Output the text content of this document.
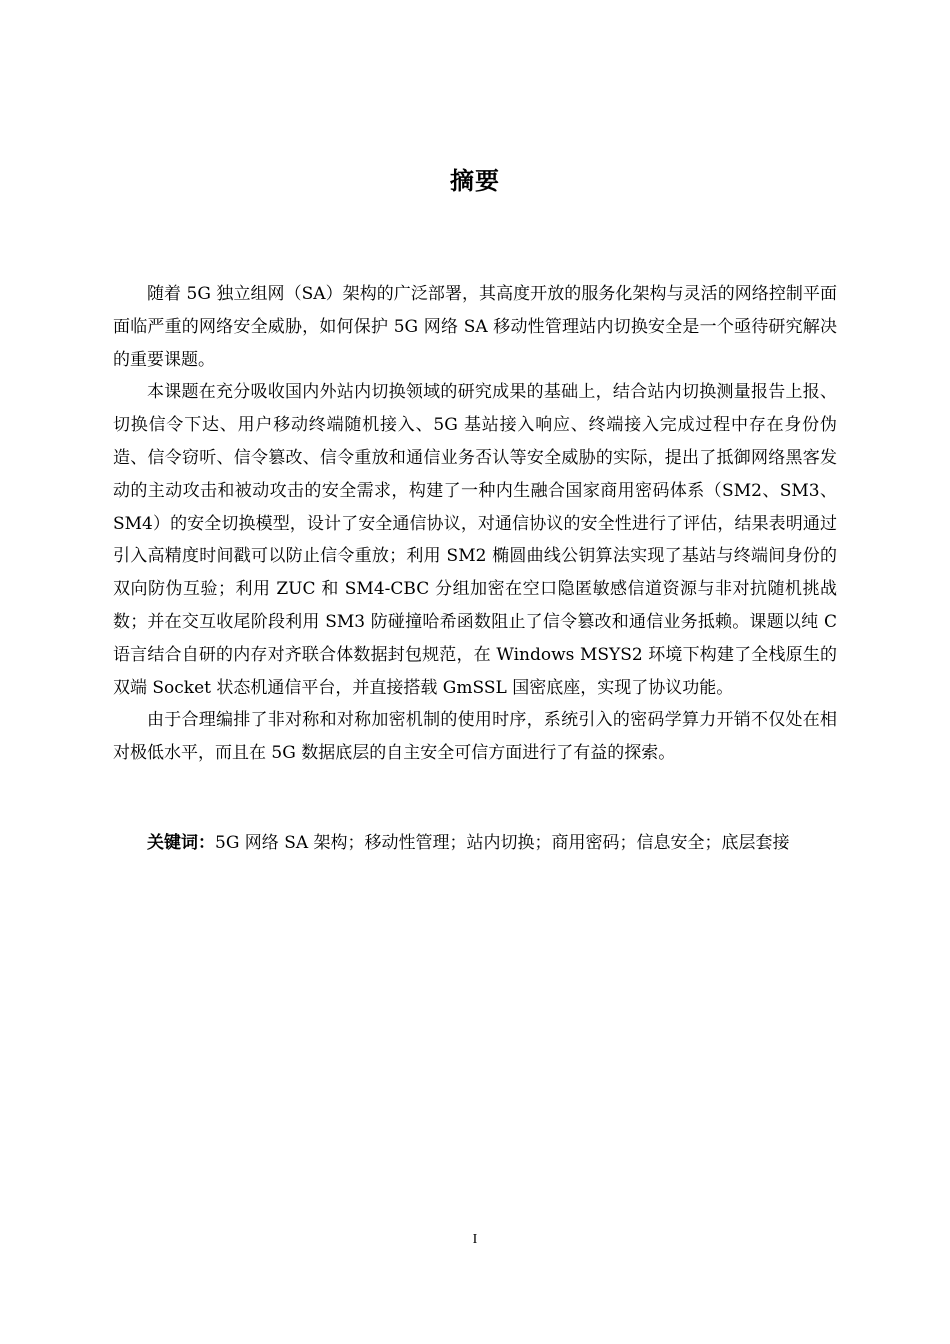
摘要

随着 5G 独立组网（SA）架构的广泛部署，其高度开放的服务化架构与灵活的网络控制平面面临严重的网络安全威胁，如何保护 5G 网络 SA 移动性管理站内切换安全是一个亟待研究解决的重要课题。

本课题在充分吸收国内外站内切换领域的研究成果的基础上，结合站内切换测量报告上报、切换信令下达、用户移动终端随机接入、5G 基站接入响应、终端接入完成过程中存在身份伪造、信令窃听、信令篡改、信令重放和通信业务否认等安全威胁的实际，提出了抵御网络黑客发动的主动攻击和被动攻击的安全需求，构建了一种内生融合国家商用密码体系（SM2、SM3、SM4）的安全切换模型，设计了安全通信协议，对通信协议的安全性进行了评估，结果表明通过引入高精度时间戳可以防止信令重放；利用 SM2 椭圆曲线公钥算法实现了基站与终端间身份的双向防伪互验；利用 ZUC 和 SM4-CBC 分组加密在空口隐匿敏感信道资源与非对抗随机挑战数；并在交互收尾阶段利用 SM3 防碰撞哈希函数阻止了信令篡改和通信业务抵赖。课题以纯 C 语言结合自研的内存对齐联合体数据封包规范，在 Windows MSYS2 环境下构建了全栈原生的双端 Socket 状态机通信平台，并直接搭载 GmSSL 国密底座，实现了协议功能。

由于合理编排了非对称和对称加密机制的使用时序，系统引入的密码学算力开销不仅处在相对极低水平，而且在 5G 数据底层的自主安全可信方面进行了有益的探索。

关键词：5G 网络 SA 架构；移动性管理；站内切换；商用密码；信息安全；底层套接

I
